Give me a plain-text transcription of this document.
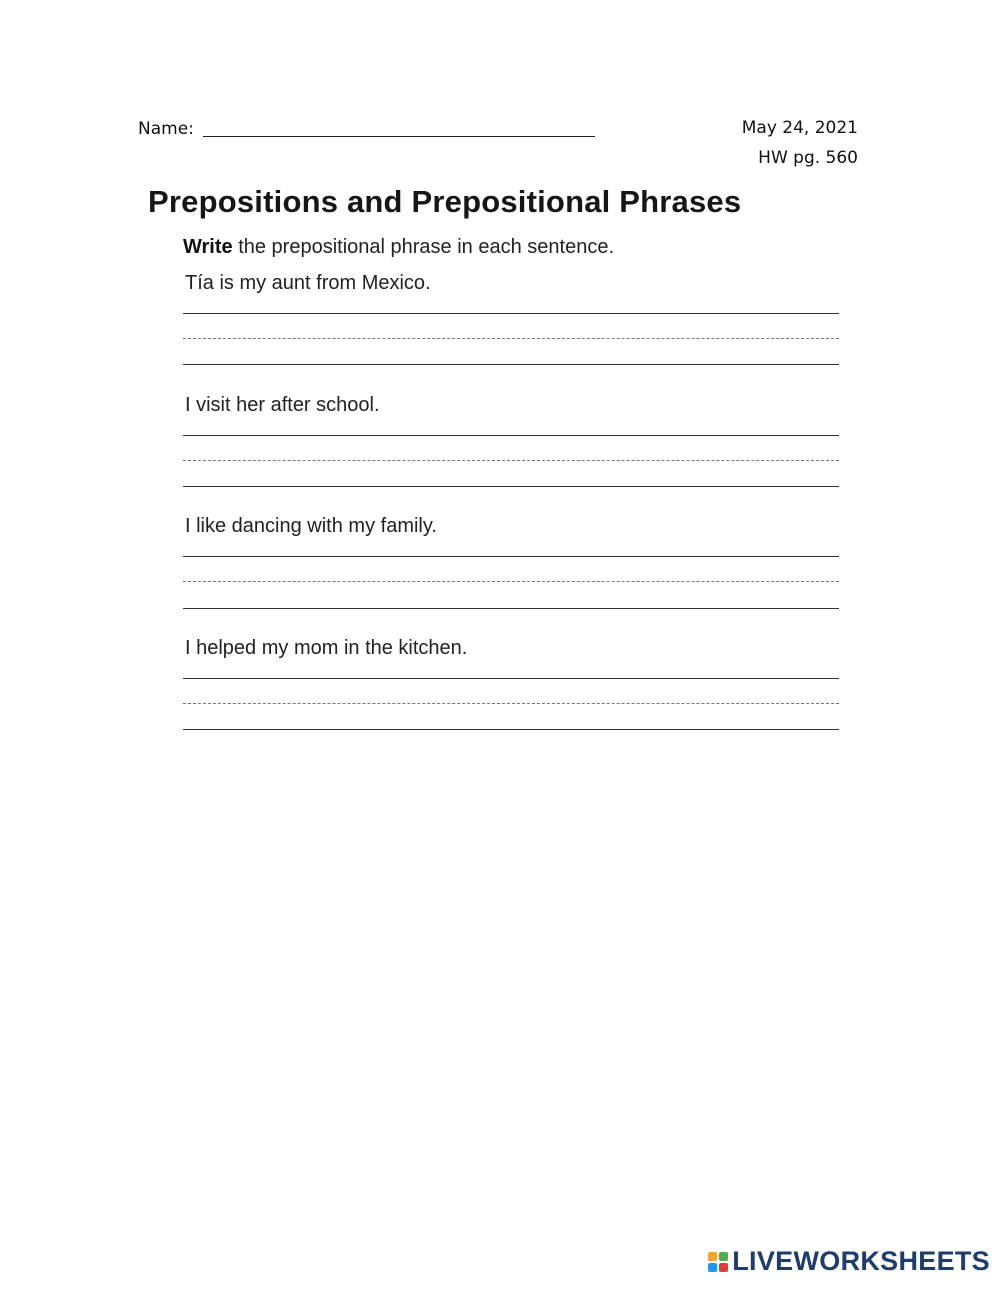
Name:	May 24, 2021
HW pg. 560
Prepositions and Prepositional Phrases
Write the prepositional phrase in each sentence.
Tía is my aunt from Mexico.
I visit her after school.
I like dancing with my family.
I helped my mom in the kitchen.
LIVEWORKSHEETS
